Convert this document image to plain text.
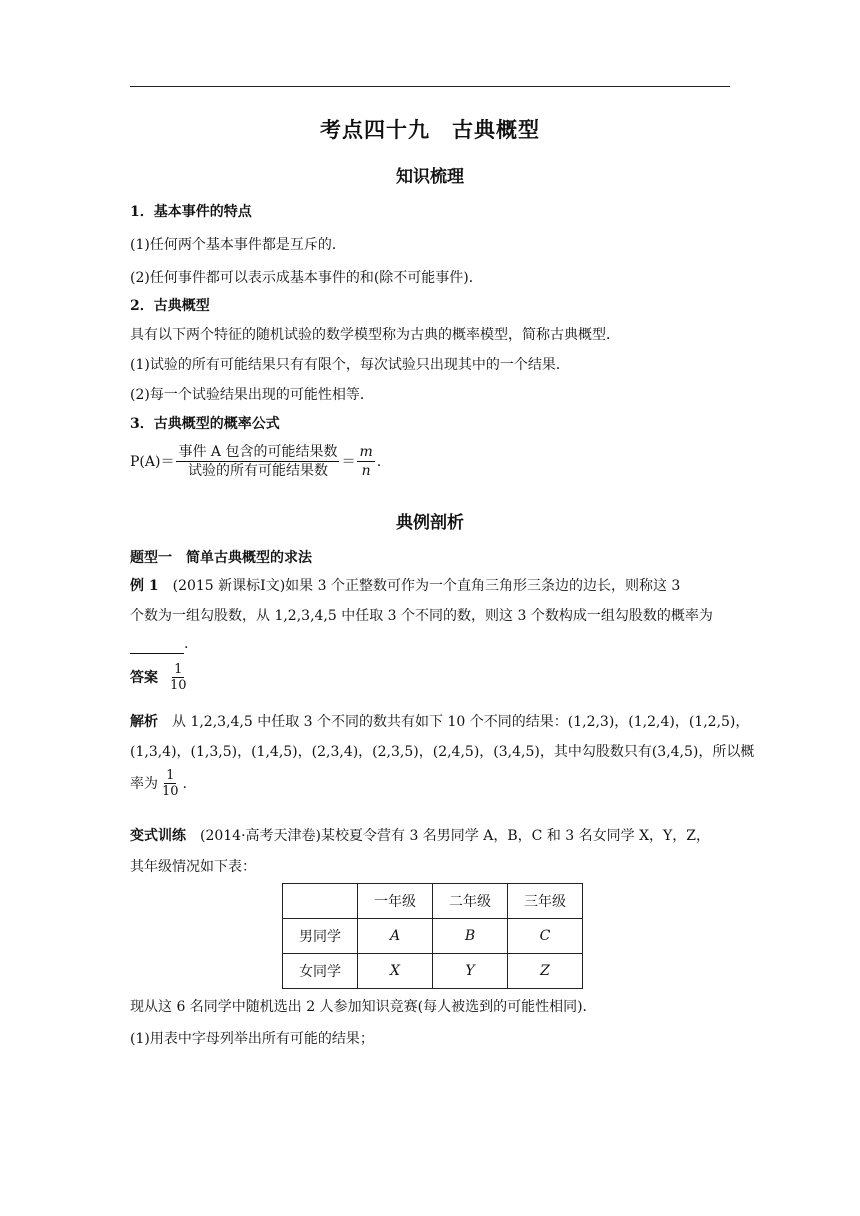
考点四十九　古典概型
知识梳理
1．基本事件的特点
(1)任何两个基本事件都是互斥的．
(2)任何事件都可以表示成基本事件的和(除不可能事件)．
2．古典概型
具有以下两个特征的随机试验的数学模型称为古典的概率模型，简称古典概型．
(1)试验的所有可能结果只有有限个，每次试验只出现其中的一个结果．
(2)每一个试验结果出现的可能性相等．
3．古典概型的概率公式
$P(A)= \frac{\text{事件 A 包含的可能结果数}}{\text{试验的所有可能结果数}} = \frac{m}{n}$ .
典例剖析
题型一　简单古典概型的求法
例 1　(2015 新课标Ⅰ文)如果 3 个正整数可作为一个直角三角形三条边的边长，则称这 3
个数为一组勾股数，从 1,2,3,4,5 中任取 3 个不同的数，则这 3 个数构成一组勾股数的概率为
.
答案 $\frac{1}{10}$
解析　从 1,2,3,4,5 中任取 3 个不同的数共有如下 10 个不同的结果：(1,2,3)，(1,2,4)，(1,2,5)，
(1,3,4)，(1,3,5)，(1,4,5)，(2,3,4)，(2,3,5)，(2,4,5)，(3,4,5)，其中勾股数只有(3,4,5)，所以概
率为 $\frac{1}{10}$ .
变式训练　(2014·高考天津卷)某校夏令营有 3 名男同学 A，B，C 和 3 名女同学 X，Y，Z，
其年级情况如下表：
	一年级	二年级	三年级
男同学	A	B	C
女同学	X	Y	Z
现从这 6 名同学中随机选出 2 人参加知识竞赛(每人被选到的可能性相同)．
(1)用表中字母列举出所有可能的结果；
